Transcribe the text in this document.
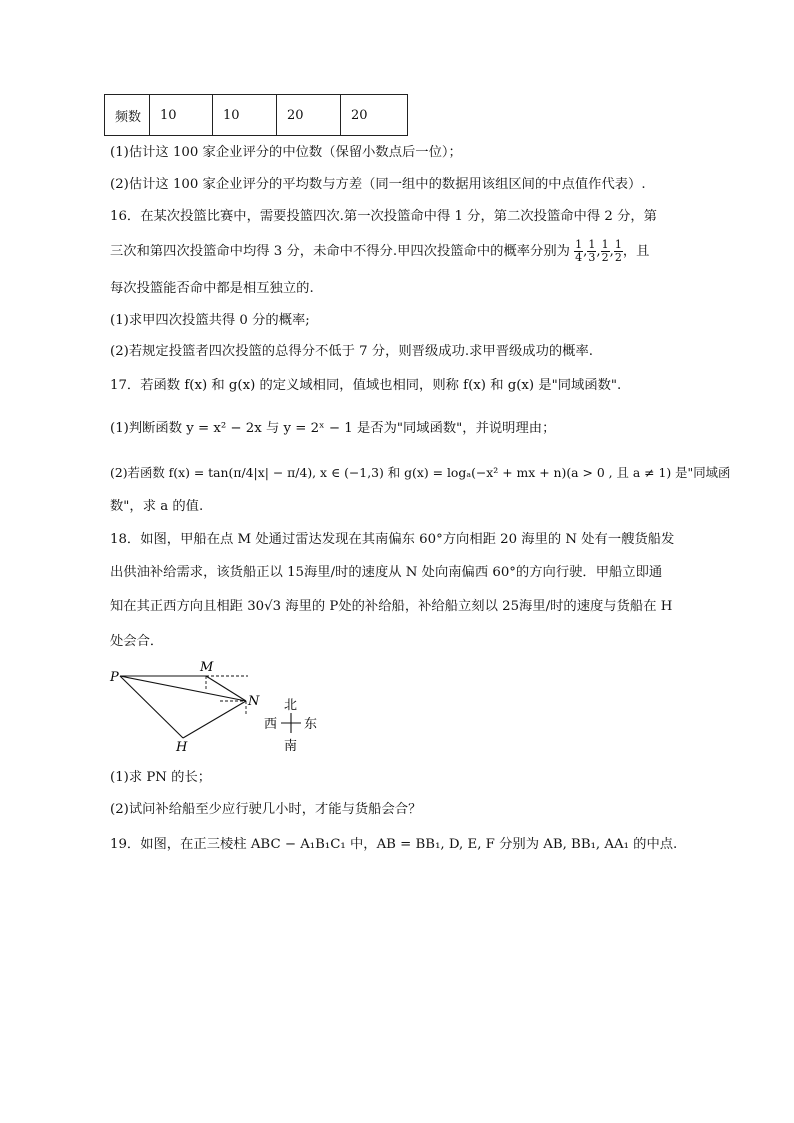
频数	10	10	20	20
(1)估计这 100 家企业评分的中位数（保留小数点后一位）；
(2)估计这 100 家企业评分的平均数与方差（同一组中的数据用该组区间的中点值作代表）.
16．在某次投篮比赛中，需要投篮四次.第一次投篮命中得 1 分，第二次投篮命中得 2 分，第
三次和第四次投篮命中均得 3 分，未命中不得分.甲四次投篮命中的概率分别为 $\frac{1}{4}$ , $\frac{1}{3}$ , $\frac{1}{2}$ , $\frac{1}{2}$ ，且
每次投篮能否命中都是相互独立的.
(1)求甲四次投篮共得 0 分的概率;
(2)若规定投篮者四次投篮的总得分不低于 7 分，则晋级成功.求甲晋级成功的概率.
17．若函数 f(x) 和 g(x) 的定义域相同，值域也相同，则称 f(x) 和 g(x) 是"同域函数".
(1)判断函数 y = x² − 2x 与 y = 2ˣ − 1 是否为"同域函数"，并说明理由；
(2)若函数 f(x) = tan(π/4|x| − π/4), x ∈ (−1,3) 和 g(x) = logₐ(−x² + mx + n)(a > 0 , 且 a ≠ 1) 是"同域函
数"，求 a 的值.
18．如图，甲船在点 M 处通过雷达发现在其南偏东 60°方向相距 20 海里的 N 处有一艘货船发
出供油补给需求，该货船正以 15海里/时的速度从 N 处向南偏西 60°的方向行驶．甲船立即通
知在其正西方向且相距 30√3 海里的 P处的补给船，补给船立刻以 25海里/时的速度与货船在 H
处会合．
P
M
N
H
北
南
西 东
(1)求 PN 的长；
(2)试问补给船至少应行驶几小时，才能与货船会合？
19．如图，在正三棱柱 ABC − A₁B₁C₁ 中，AB = BB₁, D, E, F 分别为 AB, BB₁, AA₁ 的中点.
